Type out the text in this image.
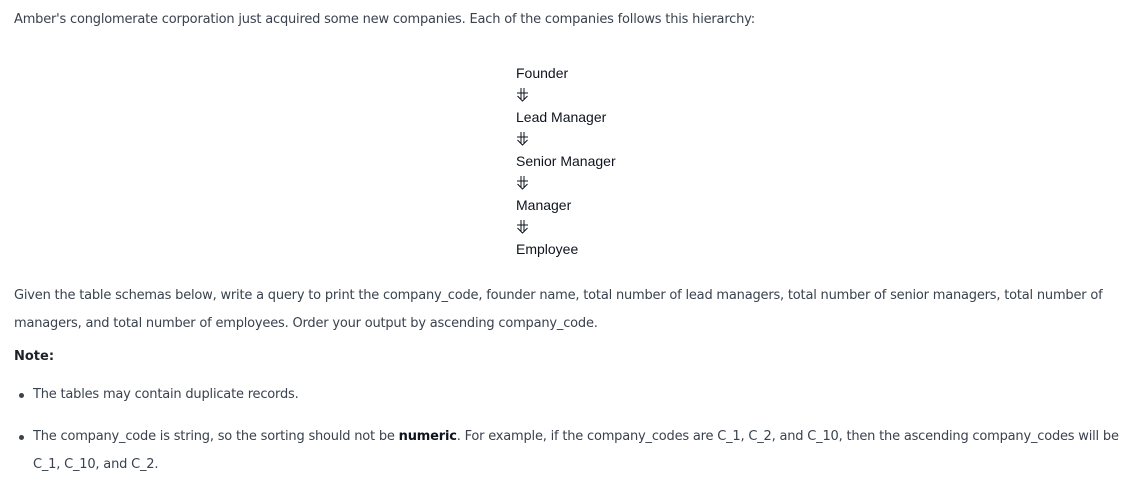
Amber's conglomerate corporation just acquired some new companies. Each of the companies follows this hierarchy:

Founder
Lead Manager
Senior Manager
Manager
Employee

Given the table schemas below, write a query to print the company_code, founder name, total number of lead managers, total number of senior managers, total number of managers, and total number of employees. Order your output by ascending company_code.

Note:

The tables may contain duplicate records.
The company_code is string, so the sorting should not be numeric. For example, if the company_codes are C_1, C_2, and C_10, then the ascending company_codes will be C_1, C_10, and C_2.
